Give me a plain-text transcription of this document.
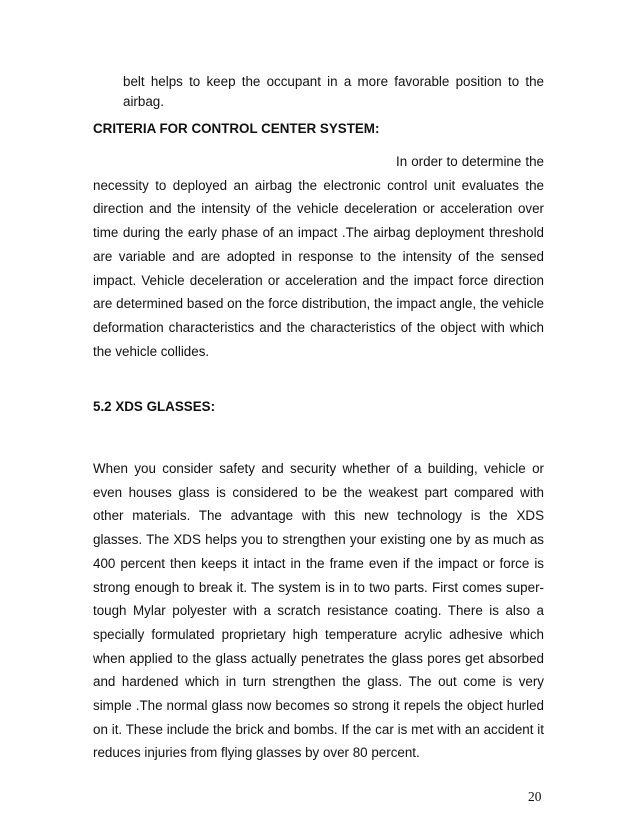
belt helps to keep the occupant in a more favorable position to the airbag.

CRITERIA FOR CONTROL CENTER SYSTEM:

In order to determine the necessity to deployed an airbag the electronic control unit evaluates the direction and the intensity of the vehicle deceleration or acceleration over time during the early phase of an impact .The airbag deployment threshold are variable and are adopted in response to the intensity of the sensed impact. Vehicle deceleration or acceleration and the impact force direction are determined based on the force distribution, the impact angle, the vehicle deformation characteristics and the characteristics of the object with which the vehicle collides.

5.2 XDS GLASSES:

When you consider safety and security whether of a building, vehicle or even houses glass is considered to be the weakest part compared with other materials. The advantage with this new technology is the XDS glasses. The XDS helps you to strengthen your existing one by as much as 400 percent then keeps it intact in the frame even if the impact or force is strong enough to break it. The system is in to two parts. First comes super-tough Mylar polyester with a scratch resistance coating. There is also a specially formulated proprietary high temperature acrylic adhesive which when applied to the glass actually penetrates the glass pores get absorbed and hardened which in turn strengthen the glass. The out come is very simple .The normal glass now becomes so strong it repels the object hurled on it. These include the brick and bombs. If the car is met with an accident it reduces injuries from flying glasses by over 80 percent.

20
